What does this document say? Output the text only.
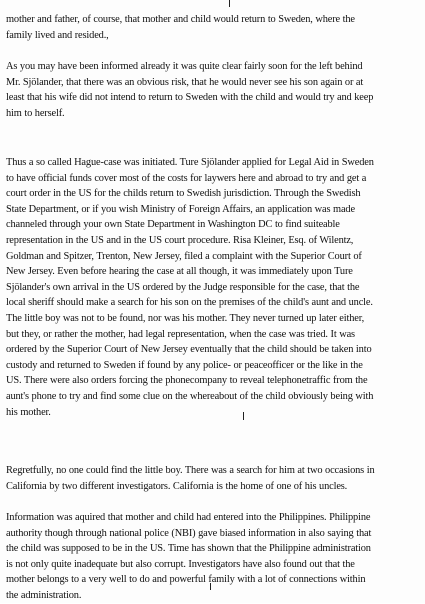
mother and father, of course, that mother and child would return to Sweden, where the
family lived and resided.,

As you may have been informed already it was quite clear fairly soon for the left behind
Mr. Sjölander, that there was an obvious risk, that he would never see his son again or at
least that his wife did not intend to return to Sweden with the child and would try and keep
him to herself.

Thus a so called Hague-case was initiated. Ture Sjölander applied for Legal Aid in Sweden
to have official funds cover most of the costs for laywers here and abroad to try and get a
court order in the US for the childs return to Swedish jurisdiction. Through the Swedish
State Department, or if you wish Ministry of Foreign Affairs, an application was made
channeled through your own State Department in Washington DC to find suiteable
representation in the US and in the US court procedure. Risa Kleiner, Esq. of Wilentz,
Goldman and Spitzer, Trenton, New Jersey, filed a complaint with the Superior Court of
New Jersey. Even before hearing the case at all though, it was immediately upon Ture
Sjölander's own arrival in the US ordered by the Judge responsible for the case, that the
local sheriff should make a search for his son on the premises of the child's aunt and uncle.
The little boy was not to be found, nor was his mother. They never turned up later either,
but they, or rather the mother, had legal representation, when the case was tried. It was
ordered by the Superior Court of New Jersey eventually that the child should be taken into
custody and returned to Sweden if found by any police- or peaceofficer or the like in the
US. There were also orders forcing the phonecompany to reveal telephonetraffic from the
aunt's phone to try and find some clue on the whereabout of the child obviously being with
his mother.

Regretfully, no one could find the little boy. There was a search for him at two occasions in
California by two different investigators. California is the home of one of his uncles.

Information was aquired that mother and child had entered into the Philippines. Philippine
authority though through national police (NBI) gave biased information in also saying that
the child was supposed to be in the US. Time has shown that the Philippine administration
is not only quite inadequate but also corrupt. Investigators have also found out that the
mother belongs to a very well to do and powerful family with a lot of connections within
the administration.
